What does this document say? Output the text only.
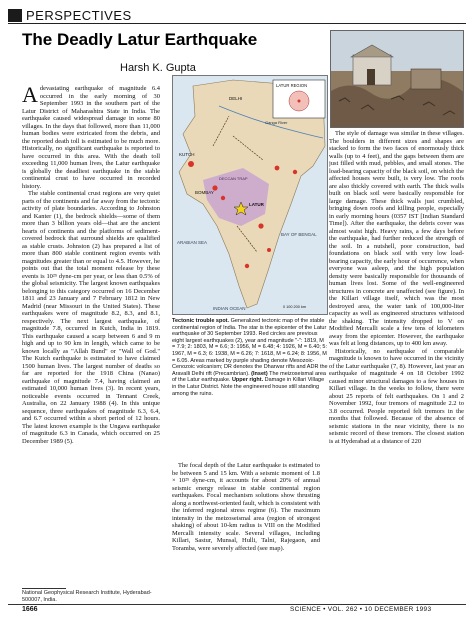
PERSPECTIVES
The Deadly Latur Earthquake
Harsh K. Gupta

A devastating earthquake of magnitude 6.4 occurred in the early morning of 30 September 1993 in the southern part of the Latur District of Maharashtra State in India. The earthquake caused widespread damage in some 80 villages. In the days that followed, more than 11,000 human bodies were extricated from the debris, and the reported death toll is estimated to be much more. Historically, no significant earthquake is reported to have occurred in this area. With the death toll exceeding 11,000 human lives, the Latur earthquake is globally the deadliest earthquake in the stable continental crust to have occurred in recorded history.

The stable continental crust regions are very quiet parts of the continents and far away from the tectonic activity of plate boundaries. According to Johnston and Kanter (1), the bedrock shields—some of them more than 3 billion years old—that are the ancient hearts of continents and the platforms of sediment-covered bedrock that surround shields are qualified as stable crusts. Johnston (2) has prepared a list of more than 800 stable continent region events with magnitudes greater than or equal to 4.5. However, he points out that the total moment release by these events is 10²⁵ dyne-cm per year, or less than 0.5% of the global seismicity. The largest known earthquakes belonging to this category occurred on 16 December 1811 and 23 January and 7 February 1812 in New Madrid (near Missouri in the United States). These earthquakes were of magnitude 8.2, 8.3, and 8.1, respectively. The next largest earthquake, of magnitude 7.8, occurred in Kutch, India in 1819. This earthquake caused a scarp between 6 and 9 m high and up to 90 km in length, which came to be known locally as "Allah Bund" or "Wall of God." The Kutch earthquake is estimated to have claimed 1500 human lives. The largest number of deaths so far are reported for the 1918 China (Nanao) earthquake of magnitude 7.4, having claimed an estimated 10,000 human lives (3). In recent years, noticeable events occurred in Tennant Creek, Australia, on 22 January 1988 (4). In this unique sequence, three earthquakes of magnitude 6.3, 6.4, and 6.7 occurred within a short period of 12 hours. The latest known example is the Ungava earthquake of magnitude 6.3 in Canada, which occurred on 25 December 1989 (5).

LATUR REGION
DELHI
Ganga River
KUTCH
BOMBAY
LATUR
DECCAN TRAP
ARABIAN SEA
BAY OF BENGAL
INDIAN OCEAN	0 100 200 km
Tectonic trouble spot. Generalized tectonic map of the stable continental region of India. The star is the epicenter of the Latur earthquake of 30 September 1993. Red circles are previous eight largest earthquakes (2), year and magnitude "-": 1819, M = 7.9; 2: 1803, M = 6.6; 3: 1956, M = 6.48; 4: 1926, M = 6.40; 5: 1967, M = 6.3; 6: 1938, M = 6.26; 7: 1618, M = 6.24; 8: 1956, M = 6.05. Areas marked by purple shading denote Mesozoic-Cenozoic volcanism; DR denotes the Dharwar rifts and ADR the Aravalli Delhi rift (Precambrian). (Inset) The meizoseismal area of the Latur earthquake. Upper right. Damage in Killari Village in the Latur District. Note the engineered house still standing among the ruins.

The focal depth of the Latur earthquake is estimated to be between 5 and 15 km. With a seismic moment of 1.8 × 10²⁵ dyne-cm, it accounts for about 20% of annual seismic energy release in stable continental region earthquakes. Focal mechanism solutions show thrusting along a northwest-oriented fault, which is consistent with the inferred regional stress regime (6). The maximum intensity in the meizoseismal area (region of strongest shaking) of about 10-km radius is VIII on the Modified Mercalli intensity scale. Several villages, including Killari, Sastur, Munsal, Hulli, Talni, Rajegaon, and Toramba, were severely affected (see map).

The style of damage was similar in these villages. The boulders in different sizes and shapes are stacked to form the two faces of enormously thick walls (up to 4 feet), and the gaps between them are just filled with mud, pebbles, and small stones. The load-bearing capacity of the black soil, on which the affected houses were built, is very low. The roofs are also thickly covered with earth. The thick walls built on black soil were basically responsible for large damage. These thick walls just crumbled, bringing down roofs and killing people, especially in early morning hours (0357 IST [Indian Standard Time]). After the earthquake, the debris cover was almost waist high. Heavy rains, a few days before the earthquake, had further reduced the strength of the soil. In a nutshell, poor construction, bad foundations on black soil with very low load-bearing capacity, the early hour of occurrence, when everyone was asleep, and the high population density were basically responsible for thousands of human lives lost. Some of the well-engineered structures in concrete are unaffected (see figure). In the Killari village itself, which was the most destroyed area, the water tank of 100,000-liter capacity as well as engineered structures withstood the shaking. The intensity dropped to V on Modified Mercalli scale a few tens of kilometers away from the epicenter. However, the earthquake was felt at long distances, up to 400 km away.

Historically, no earthquake of comparable magnitude is known to have occurred in the vicinity of the Latur earthquake (7, 8). However, last year an earthquake of magnitude 4 on 18 October 1992 caused minor structural damages to a few houses in Killari village. In the weeks to follow, there were about 25 reports of felt earthquakes. On 1 and 2 November 1992, four tremors of magnitude 2.2 to 3.8 occurred. People reported felt tremors in the months that followed. Because of the absence of seismic stations in the near vicinity, there is no seismic record of these tremors. The closest station is at Hyderabad at a distance of 220

National Geophysical Research Institute, Hyderabad-500007, India.
1666	SCIENCE • VOL. 262 • 10 DECEMBER 1993
